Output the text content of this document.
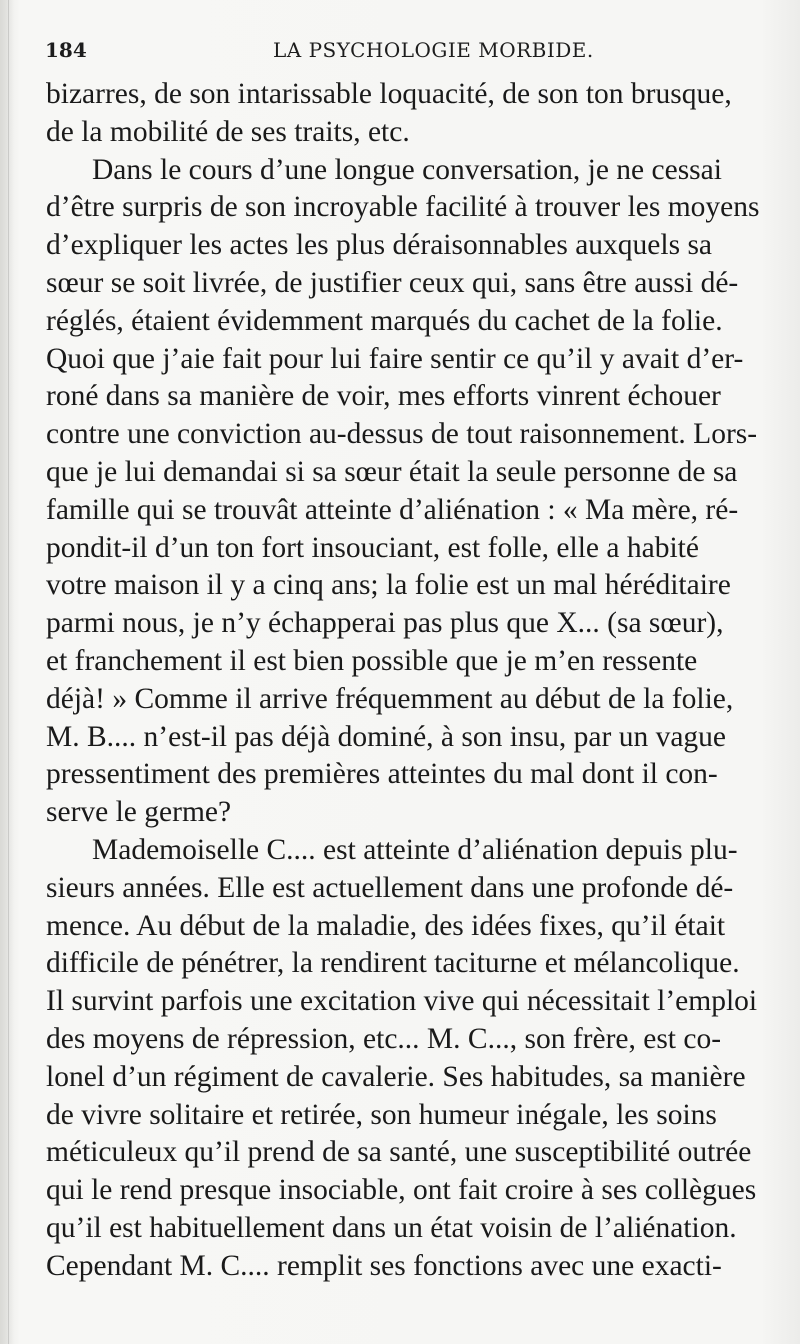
184	LA PSYCHOLOGIE MORBIDE.
bizarres, de son intarissable loquacité, de son ton brusque,
de la mobilité de ses traits, etc.
Dans le cours d’une longue conversation, je ne cessai
d’être surpris de son incroyable facilité à trouver les moyens
d’expliquer les actes les plus déraisonnables auxquels sa
sœur se soit livrée, de justifier ceux qui, sans être aussi dé-
réglés, étaient évidemment marqués du cachet de la folie.
Quoi que j’aie fait pour lui faire sentir ce qu’il y avait d’er-
roné dans sa manière de voir, mes efforts vinrent échouer
contre une conviction au-dessus de tout raisonnement. Lors-
que je lui demandai si sa sœur était la seule personne de sa
famille qui se trouvât atteinte d’aliénation : « Ma mère, ré-
pondit-il d’un ton fort insouciant, est folle, elle a habité
votre maison il y a cinq ans; la folie est un mal héréditaire
parmi nous, je n’y échapperai pas plus que X... (sa sœur),
et franchement il est bien possible que je m’en ressente
déjà! » Comme il arrive fréquemment au début de la folie,
M. B.... n’est-il pas déjà dominé, à son insu, par un vague
pressentiment des premières atteintes du mal dont il con-
serve le germe?
Mademoiselle C.... est atteinte d’aliénation depuis plu-
sieurs années. Elle est actuellement dans une profonde dé-
mence. Au début de la maladie, des idées fixes, qu’il était
difficile de pénétrer, la rendirent taciturne et mélancolique.
Il survint parfois une excitation vive qui nécessitait l’emploi
des moyens de répression, etc... M. C..., son frère, est co-
lonel d’un régiment de cavalerie. Ses habitudes, sa manière
de vivre solitaire et retirée, son humeur inégale, les soins
méticuleux qu’il prend de sa santé, une susceptibilité outrée
qui le rend presque insociable, ont fait croire à ses collègues
qu’il est habituellement dans un état voisin de l’aliénation.
Cependant M. C.... remplit ses fonctions avec une exacti-
